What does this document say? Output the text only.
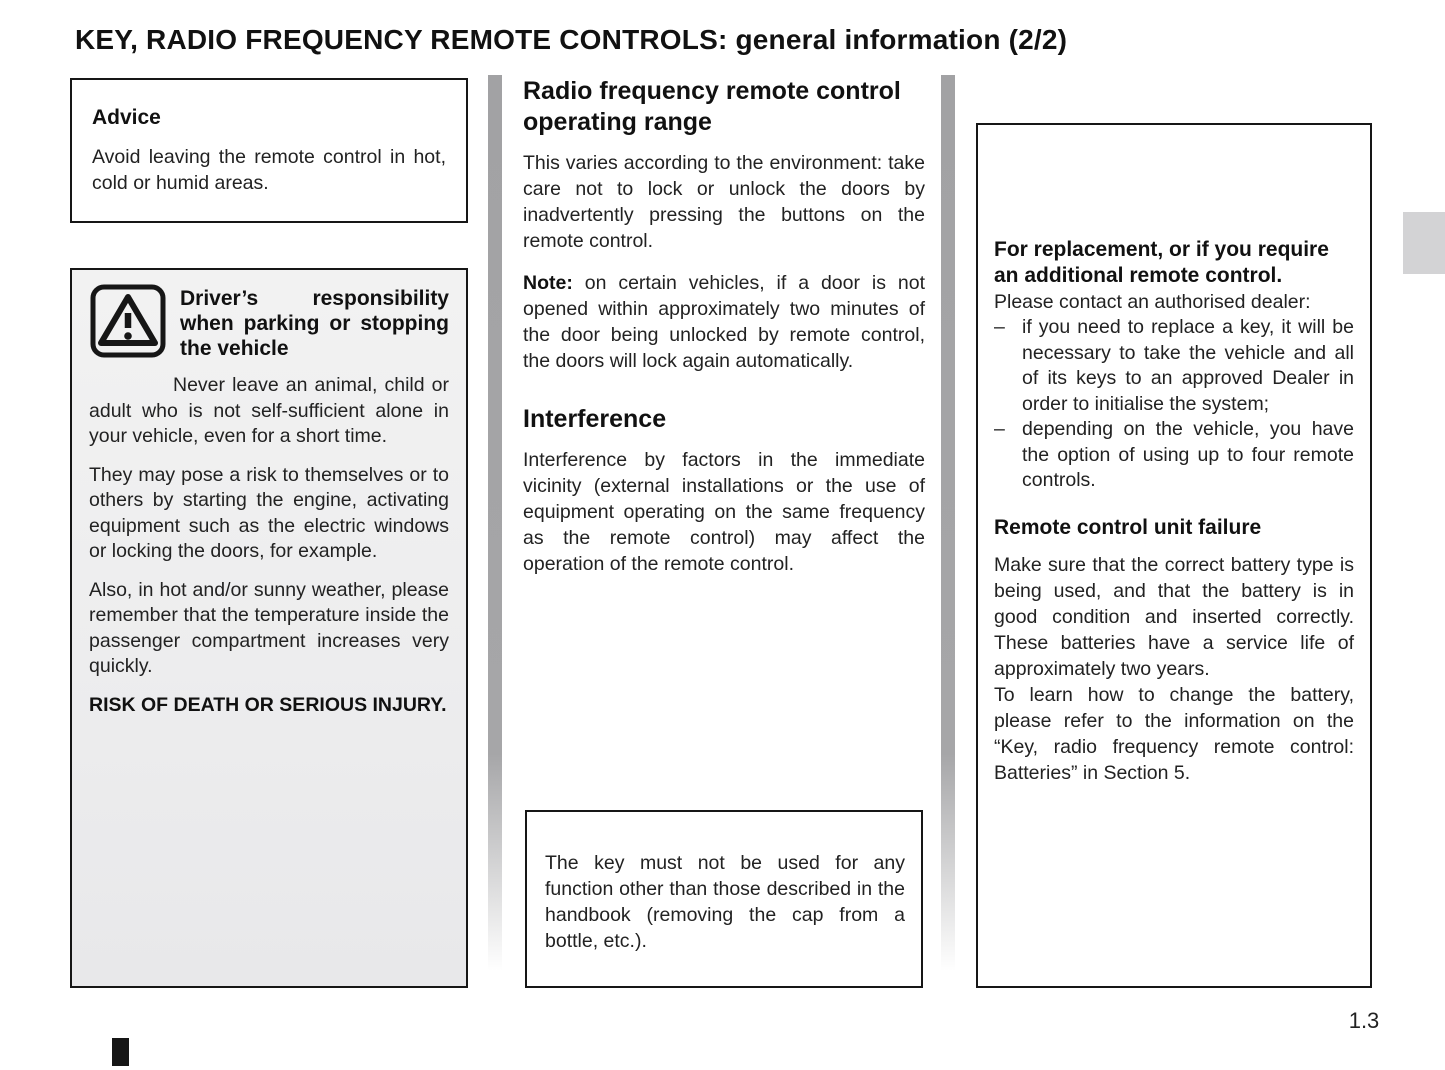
KEY, RADIO FREQUENCY REMOTE CONTROLS: general information (2/2)
Advice

Avoid leaving the remote control in hot, cold or humid areas.

Driver’s responsibility when parking or stopping the vehicle

Never leave an animal, child or adult who is not self-sufficient alone in your vehicle, even for a short time.

They may pose a risk to themselves or to others by starting the engine, activating equipment such as the electric windows or locking the doors, for example.

Also, in hot and/or sunny weather, please remember that the temperature inside the passenger compartment increases very quickly.

RISK OF DEATH OR SERIOUS INJURY.

Radio frequency remote control operating range

This varies according to the environment: take care not to lock or unlock the doors by inadvertently pressing the buttons on the remote control.

Note: on certain vehicles, if a door is not opened within approximately two minutes of the door being unlocked by remote control, the doors will lock again automatically.

Interference

Interference by factors in the immediate vicinity (external installations or the use of equipment operating on the same frequency as the remote control) may affect the operation of the remote control.

The key must not be used for any function other than those described in the handbook (removing the cap from a bottle, etc.).

For replacement, or if you require an additional remote control.

Please contact an authorised dealer:

– if you need to replace a key, it will be necessary to take the vehicle and all of its keys to an approved Dealer in order to initialise the system;
– depending on the vehicle, you have the option of using up to four remote controls.
Remote control unit failure

Make sure that the correct battery type is being used, and that the battery is in good condition and inserted correctly. These batteries have a service life of approximately two years.

To learn how to change the battery, please refer to the information on the “Key, radio frequency remote control: Batteries” in Section 5.

1.3
